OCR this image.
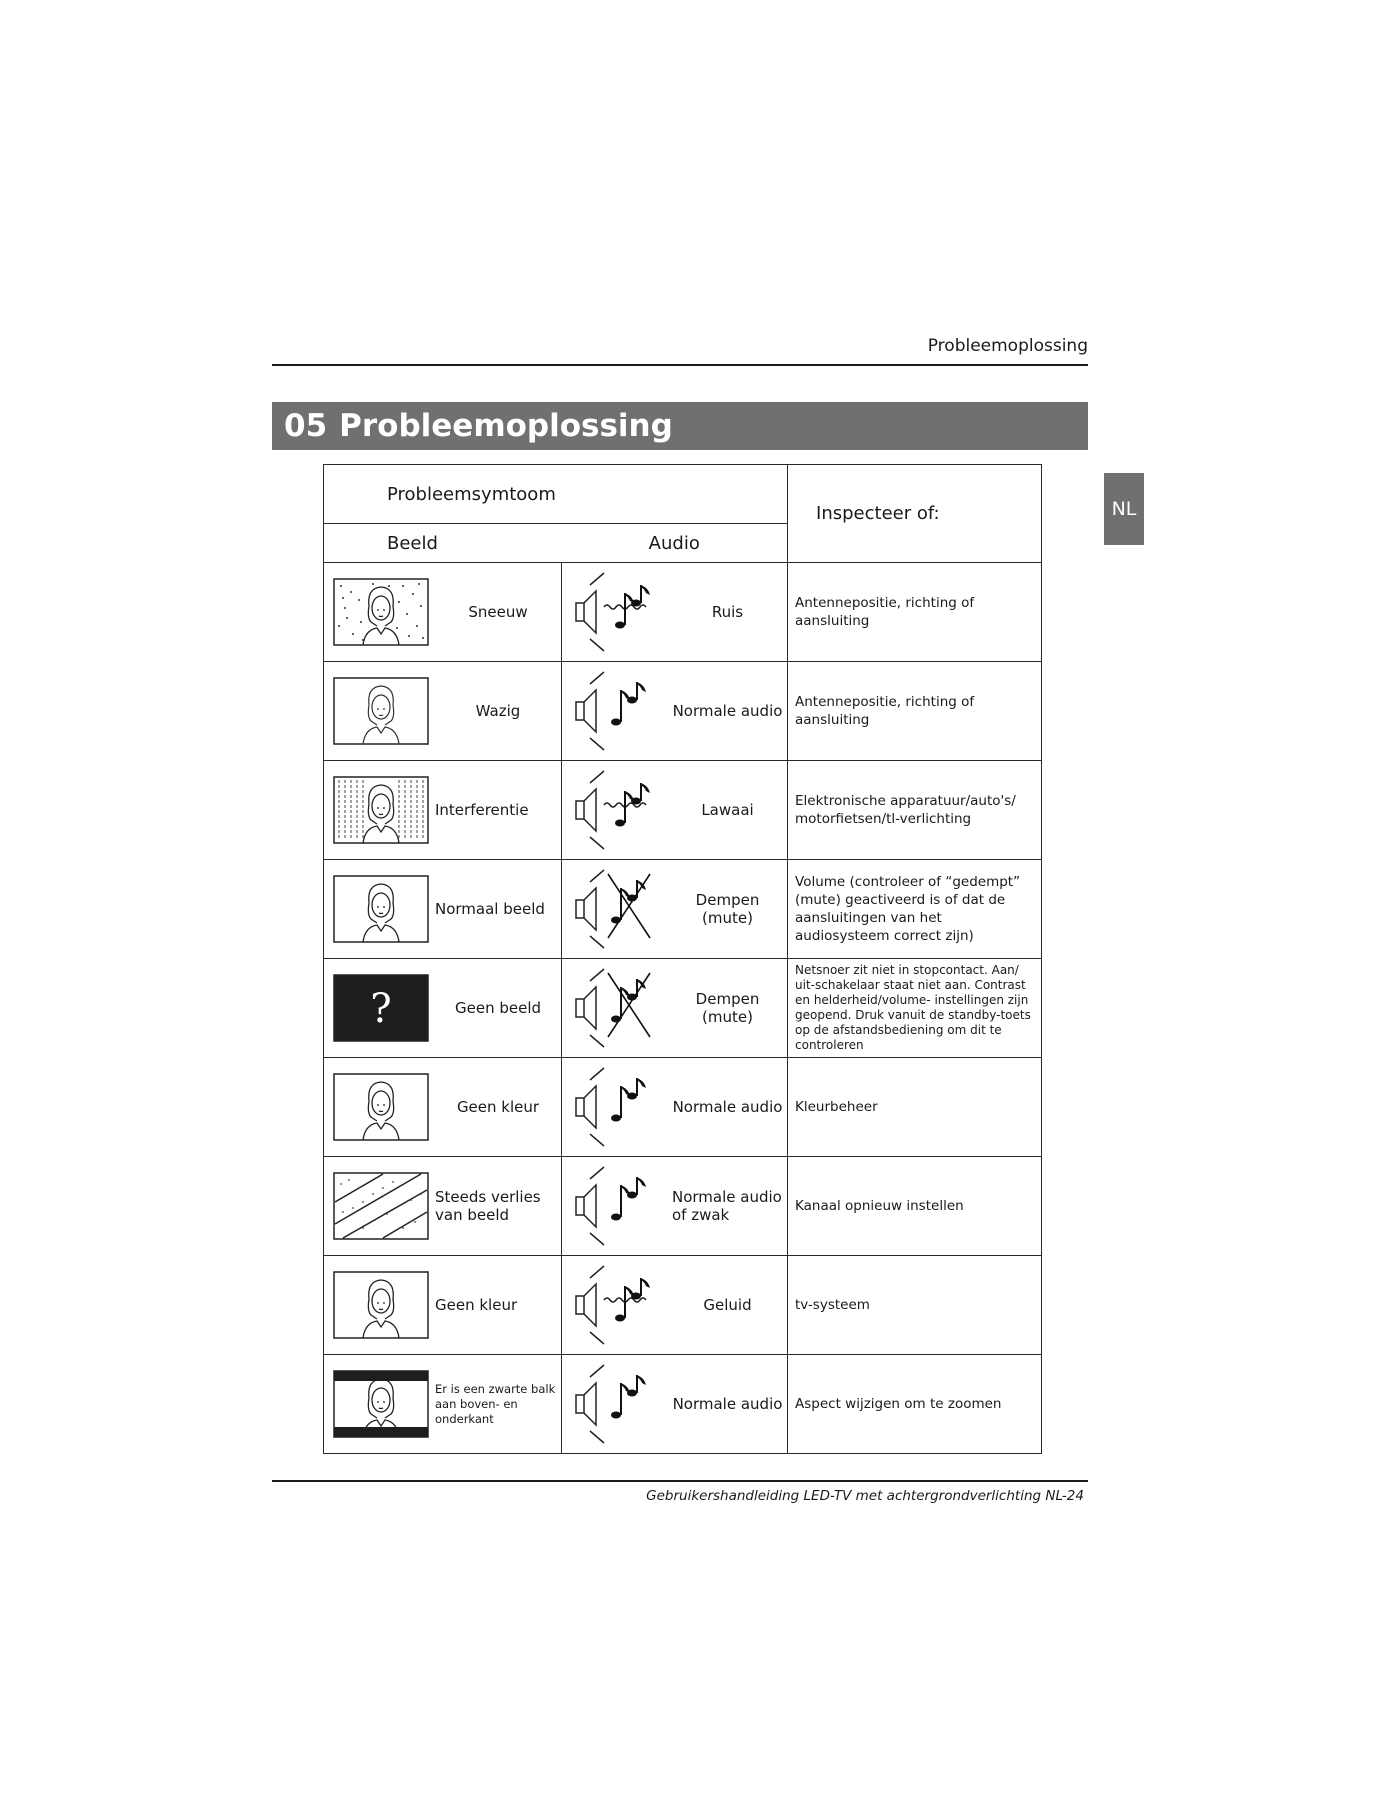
Probleemoplossing
05 Probleemoplossing
NL
Probleemsymtoom		Inspecteer of:
Beeld	Audio	

Sneeuw	Ruis	Antennepositie, richting of aansluiting

Wazig	Normale audio	Antennepositie, richting of aansluiting

Interferentie	Lawaai	Elektronische apparatuur/auto's/ motorfietsen/tl-verlichting

Normaal beeld	Dempen (mute)	Volume (controleer of “gedempt” (mute) geactiveerd is of dat de aansluitingen van het audiosysteem correct zijn)

? Geen beeld	Dempen (mute)	Netsnoer zit niet in stopcontact. Aan/ uit-schakelaar staat niet aan. Contrast en helderheid/volume- instellingen zijn geopend. Druk vanuit de standby-toets op de afstandsbediening om dit te controleren

Geen kleur	Normale audio	Kleurbeheer

Steeds verlies van beeld	Normale audio of zwak	Kanaal opnieuw instellen

Geen kleur	Geluid	tv-systeem

Er is een zwarte balk aan boven- en onderkant	Normale audio	Aspect wijzigen om te zoomen
Gebruikershandleiding LED-TV met achtergrondverlichting NL-24
